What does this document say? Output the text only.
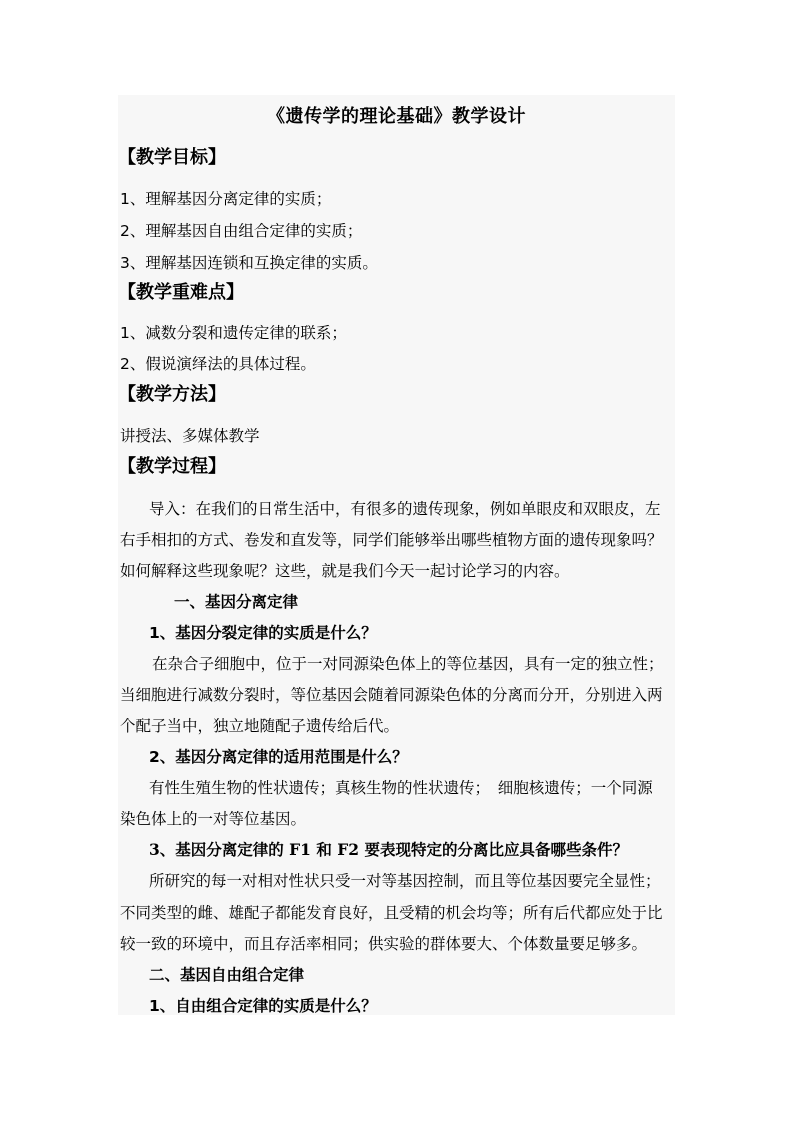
《遗传学的理论基础》教学设计
【教学目标】
1、理解基因分离定律的实质；
2、理解基因自由组合定律的实质；
3、理解基因连锁和互换定律的实质。
【教学重难点】
1、减数分裂和遗传定律的联系；
2、假说演绎法的具体过程。
【教学方法】
讲授法、多媒体教学
【教学过程】
导入：在我们的日常生活中，有很多的遗传现象，例如单眼皮和双眼皮，左
右手相扣的方式、卷发和直发等，同学们能够举出哪些植物方面的遗传现象吗？
如何解释这些现象呢？这些，就是我们今天一起讨论学习的内容。
一、基因分离定律
1、基因分裂定律的实质是什么？
在杂合子细胞中，位于一对同源染色体上的等位基因，具有一定的独立性；
当细胞进行减数分裂时，等位基因会随着同源染色体的分离而分开，分别进入两
个配子当中，独立地随配子遗传给后代。
2、基因分离定律的适用范围是什么？
有性生殖生物的性状遗传；真核生物的性状遗传；　细胞核遗传；一个同源
染色体上的一对等位基因。
3、基因分离定律的 F1 和 F2 要表现特定的分离比应具备哪些条件？
所研究的每一对相对性状只受一对等基因控制，而且等位基因要完全显性；
不同类型的雌、雄配子都能发育良好，且受精的机会均等；所有后代都应处于比
较一致的环境中，而且存活率相同；供实验的群体要大、个体数量要足够多。
二、基因自由组合定律
1、自由组合定律的实质是什么？
